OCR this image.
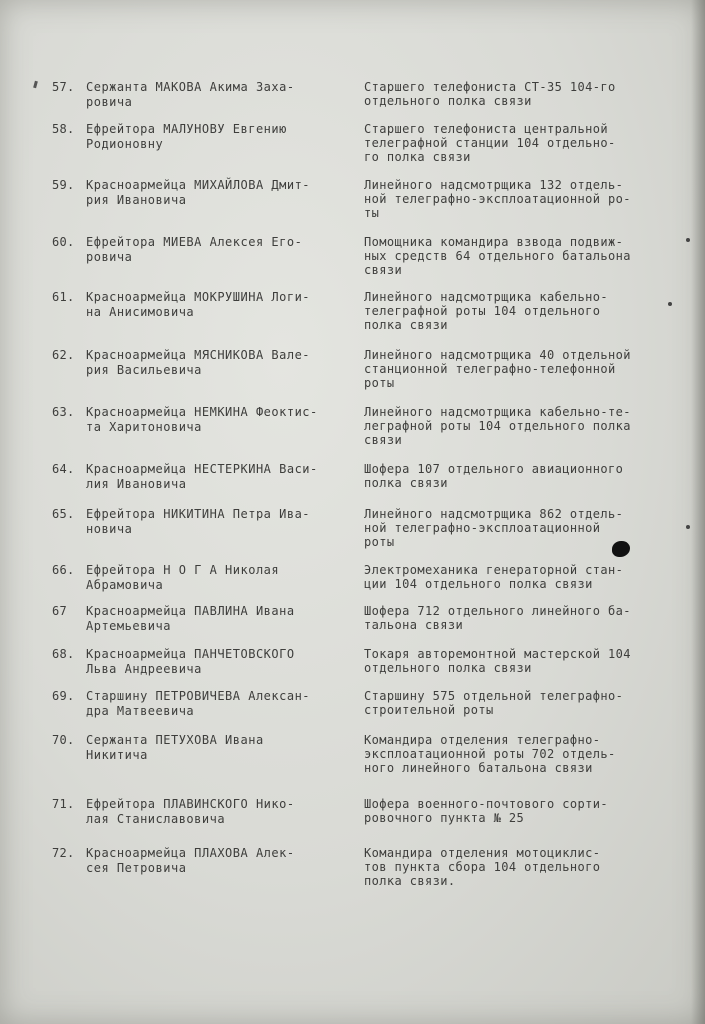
57. Сержанта МАКОВА Акима Заха-
ровича
Старшего телефониста СТ-35 104-го
отдельного полка связи
58. Ефрейтора МАЛУНОВУ Евгению
Родионовну
Старшего телефониста центральной
телеграфной станции 104 отдельно-
го полка связи
59. Красноармейца МИХАЙЛОВА Дмит-
рия Ивановича
Линейного надсмотрщика 132 отдель-
ной телеграфно-эксплоатационной ро-
ты
60. Ефрейтора МИЕВА Алексея Его-
ровича
Помощника командира взвода подвиж-
ных средств 64 отдельного батальона
связи
61. Красноармейца МОКРУШИНА Логи-
на Анисимовича
Линейного надсмотрщика кабельно-
телеграфной роты 104 отдельного
полка связи
62. Красноармейца МЯСНИКОВА Вале-
рия Васильевича
Линейного надсмотрщика 40 отдельной
станционной телеграфно-телефонной
роты
63. Красноармейца НЕМКИНА Феоктис-
та Харитоновича
Линейного надсмотрщика кабельно-те-
леграфной роты 104 отдельного полка
связи
64. Красноармейца НЕСТЕРКИНА Васи-
лия Ивановича
Шофера 107 отдельного авиационного
полка связи
65. Ефрейтора НИКИТИНА Петра Ива-
новича
Линейного надсмотрщика 862 отдель-
ной телеграфно-эксплоатационной
роты
66. Ефрейтора Н О Г А Николая
Абрамовича
Электромеханика генераторной стан-
ции 104 отдельного полка связи
67	Красноармейца ПАВЛИНА Ивана
Артемьевича
Шофера 712 отдельного линейного ба-
тальона связи
68. Красноармейца ПАНЧЕТОВСКОГО
Льва Андреевича
Токаря авторемонтной мастерской 104
отдельного полка связи
69. Старшину ПЕТРОВИЧЕВА Алексан-
дра Матвеевича
Старшину 575 отдельной телеграфно-
строительной роты
70. Сержанта ПЕТУХОВА Ивана
Никитича
Командира отделения телеграфно-
эксплоатационной роты 702 отдель-
ного линейного батальона связи
71. Ефрейтора ПЛАВИНСКОГО Нико-
лая Станиславовича
Шофера военного-почтового сорти-
ровочного пункта № 25
72. Красноармейца ПЛАХОВА Алек-
сея Петровича
Командира отделения мотоциклис-
тов пункта сбора 104 отдельного
полка связи.
